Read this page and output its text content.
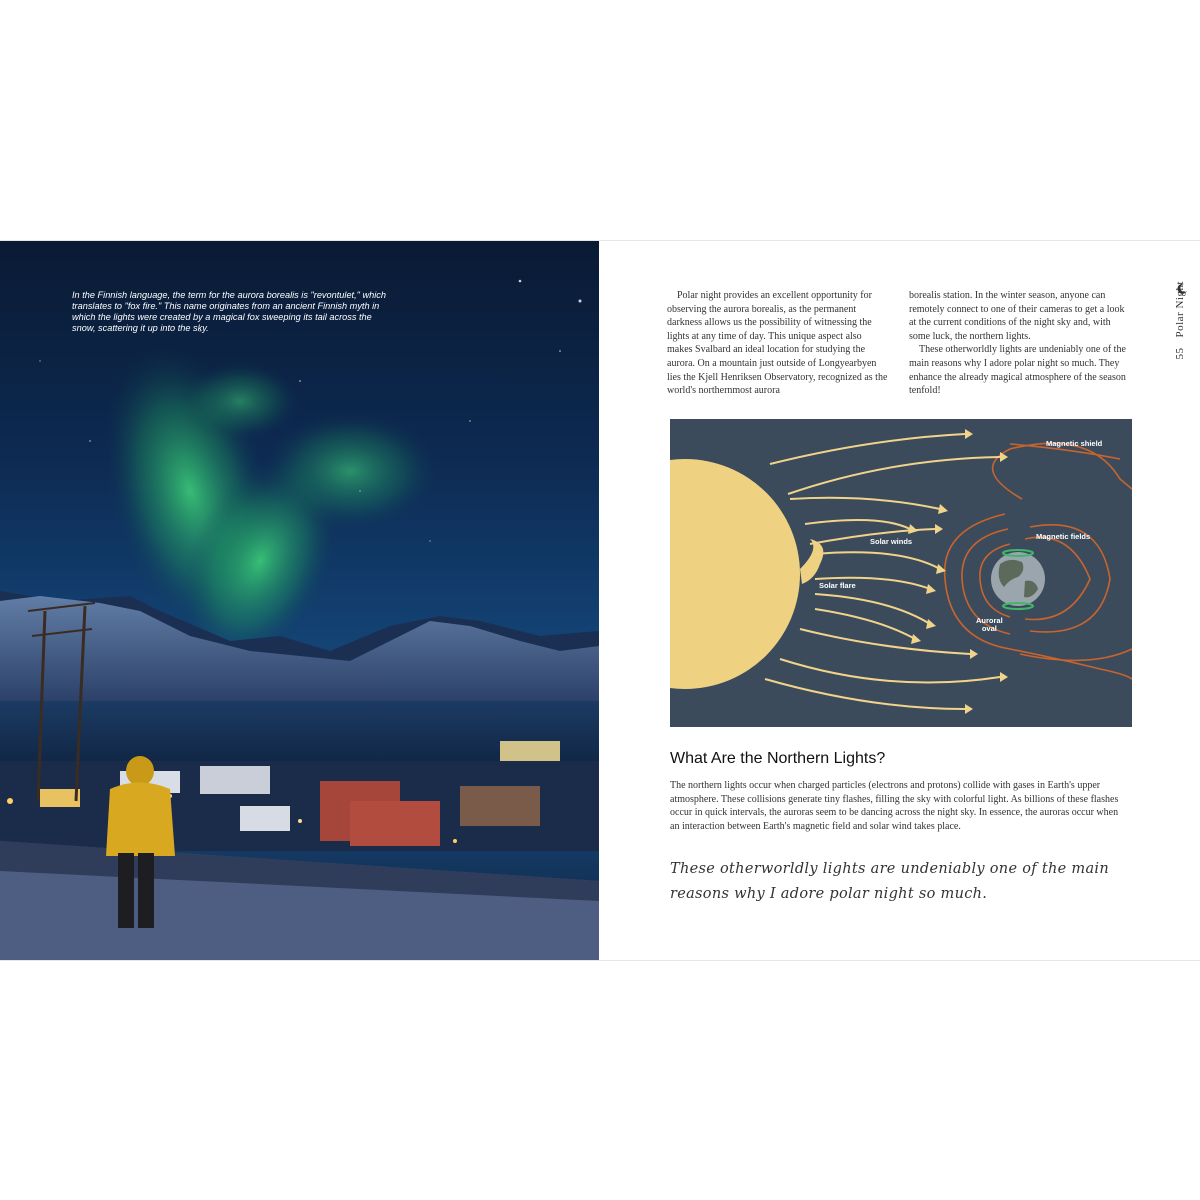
In the Finnish language, the term for the aurora borealis is "revontulet," which translates to "fox fire." This name originates from an ancient Finnish myth in which the lights were created by a magical fox sweeping its tail across the snow, scattering it up into the sky.

Polar night provides an excellent opportunity for observing the aurora borealis, as the permanent darkness allows us the possibility of witnessing the lights at any time of day. This unique aspect also makes Svalbard an ideal location for studying the aurora. On a mountain just outside of Longyearbyen lies the Kjell Henriksen Observatory, recognized as the world's northernmost aurora

borealis station. In the winter season, anyone can remotely connect to one of their cameras to get a look at the current conditions of the night sky and, with some luck, the northern lights.

These otherworldly lights are undeniably one of the main reasons why I adore polar night so much. They enhance the already magical atmosphere of the season tenfold!

55
Polar Night
Magnetic shield
Magnetic fields
Solar winds
Solar flare
Auroral
oval
What Are the Northern Lights?

The northern lights occur when charged particles (electrons and protons) collide with gases in Earth's upper atmosphere. These collisions generate tiny flashes, filling the sky with colorful light. As billions of these flashes occur in quick intervals, the auroras seem to be dancing across the night sky. In essence, the auroras occur when an interaction between Earth's magnetic field and solar wind takes place.

These otherworldly lights are undeniably one of the main reasons why I adore polar night so much.
